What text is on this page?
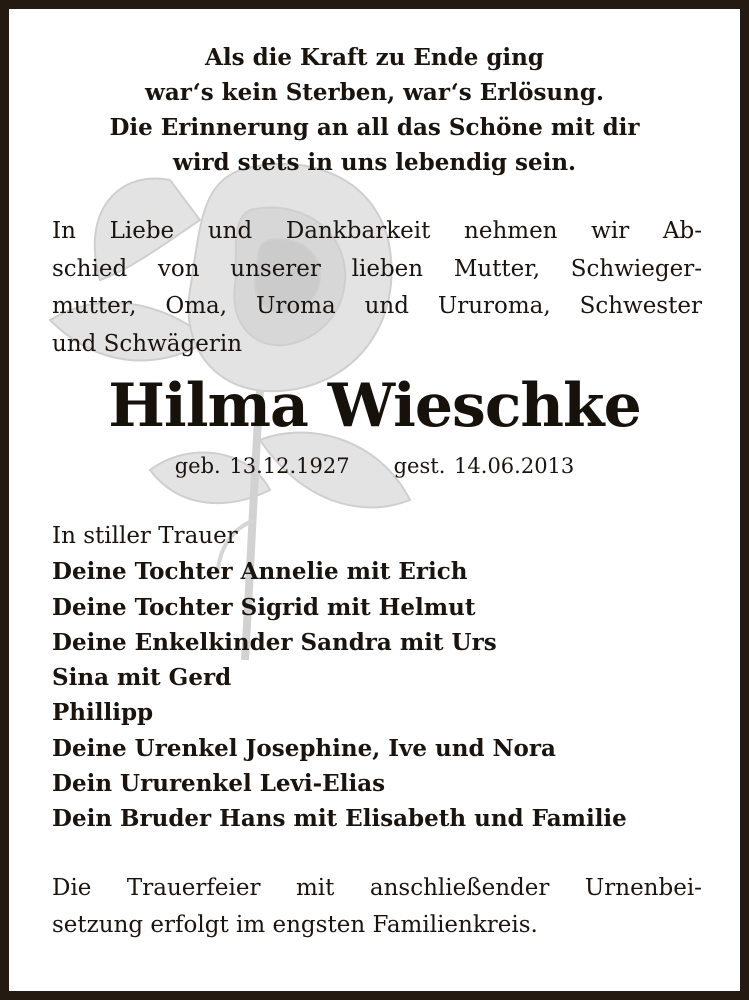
Als die Kraft zu Ende ging
war‘s kein Sterben, war‘s Erlösung.
Die Erinnerung an all das Schöne mit dir
wird stets in uns lebendig sein.
In Liebe und Dankbarkeit nehmen wir Ab-
schied von unserer lieben Mutter, Schwieger-
mutter, Oma, Uroma und Ururoma, Schwester
und Schwägerin
Hilma Wieschke
geb. 13.12.1927 gest. 14.06.2013
In stiller Trauer
Deine Tochter Annelie mit Erich
Deine Tochter Sigrid mit Helmut
Deine Enkelkinder Sandra mit Urs
Sina mit Gerd
Phillipp
Deine Urenkel Josephine, Ive und Nora
Dein Ururenkel Levi-Elias
Dein Bruder Hans mit Elisabeth und Familie
Die Trauerfeier mit anschließender Urnenbei-
setzung erfolgt im engsten Familienkreis.
